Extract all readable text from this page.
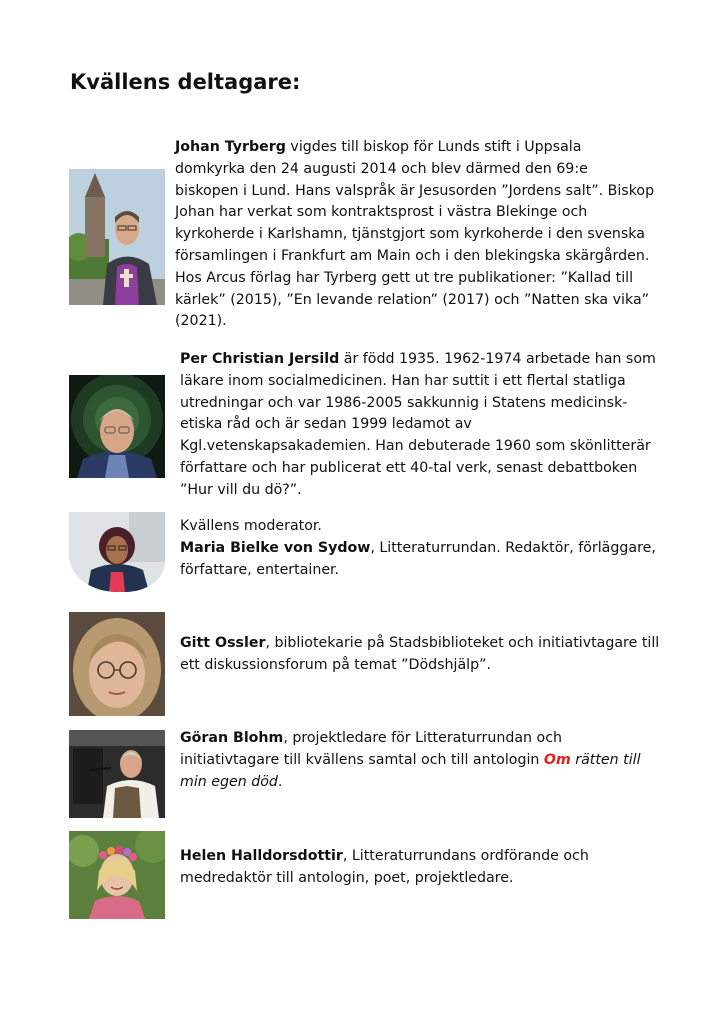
Kvällens deltagare:

Johan Tyrberg vigdes till biskop för Lunds stift i Uppsala domkyrka den 24 augusti 2014 och blev därmed den 69:e biskopen i Lund. Hans valspråk är Jesusorden ”Jordens salt”. Biskop Johan har verkat som kontraktsprost i västra Blekinge och kyrkoherde i Karlshamn, tjänstgjort som kyrkoherde i den svenska församlingen i Frankfurt am Main och i den blekingska skärgården. Hos Arcus förlag har Tyrberg gett ut tre publikationer: ”Kallad till kärlek” (2015), ”En levande relation” (2017) och ”Natten ska vika” (2021).

Per Christian Jersild är född 1935. 1962-1974 arbetade han som läkare inom socialmedicinen. Han har suttit i ett flertal statliga utredningar och var 1986-2005 sakkunnig i Statens medicinsk-etiska råd och är sedan 1999 ledamot av Kgl.vetenskapsakademien. Han debuterade 1960 som skönlitterär författare och har publicerat ett 40-tal verk, senast debattboken ”Hur vill du dö?”.

Kvällens moderator.
Maria Bielke von Sydow, Litteraturrundan. Redaktör, förläggare, författare, entertainer.

Gitt Ossler, bibliotekarie på Stadsbiblioteket och initiativtagare till ett diskussionsforum på temat ”Dödshjälp”.

Göran Blohm, projektledare för Litteraturrundan och initiativtagare till kvällens samtal och till antologin Om rätten till min egen död.

Helen Halldorsdottir, Litteraturrundans ordförande och medredaktör till antologin, poet, projektledare.
